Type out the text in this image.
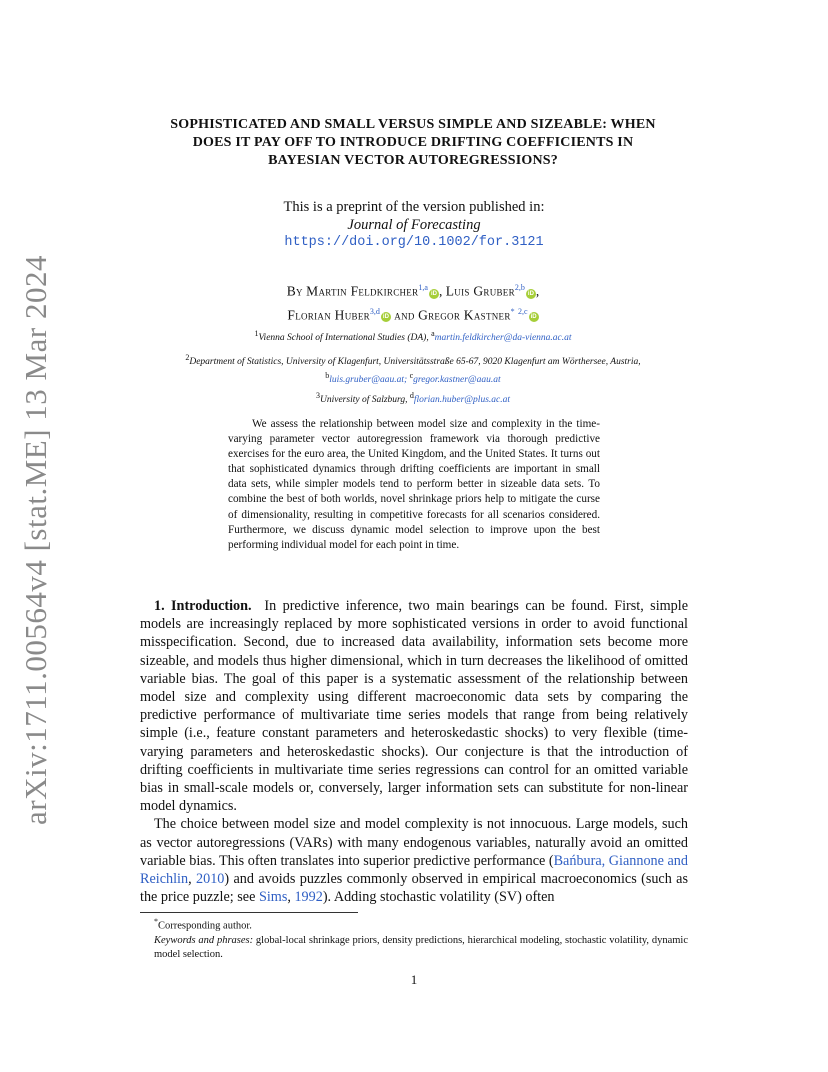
arXiv:1711.00564v4 [stat.ME] 13 Mar 2024
SOPHISTICATED AND SMALL VERSUS SIMPLE AND SIZEABLE: WHEN
DOES IT PAY OFF TO INTRODUCE DRIFTING COEFFICIENTS IN
BAYESIAN VECTOR AUTOREGRESSIONS?
This is a preprint of the version published in:
Journal of Forecasting
https://doi.org/10.1002/for.3121
By Martin Feldkircher$^{1,a}$iD , Luis Gruber$^{2,b}$iD ,
Florian Huber$^{3,d}$iD and Gregor Kastner* $^{2,c}$iD
$^1$Vienna School of International Studies (DA), $^a$martin.feldkircher@da-vienna.ac.at
$^2$Department of Statistics, University of Klagenfurt, Universitätsstraße 65-67, 9020 Klagenfurt am Wörthersee, Austria,
$^b$luis.gruber@aau.at; $^c$gregor.kastner@aau.at
$^3$University of Salzburg, $^d$florian.huber@plus.ac.at
We assess the relationship between model size and complexity in the time-varying parameter vector autoregression framework via thorough predictive exercises for the euro area, the United Kingdom, and the United States. It turns out that sophisticated dynamics through drifting coefficients are important in small data sets, while simpler models tend to perform better in sizeable data sets. To combine the best of both worlds, novel shrinkage priors help to mitigate the curse of dimensionality, resulting in competitive forecasts for all scenarios considered. Furthermore, we discuss dynamic model selection to improve upon the best performing individual model for each point in time.

1. Introduction. In predictive inference, two main bearings can be found. First, simple models are increasingly replaced by more sophisticated versions in order to avoid functional misspecification. Second, due to increased data availability, information sets become more sizeable, and models thus higher dimensional, which in turn decreases the likelihood of omitted variable bias. The goal of this paper is a systematic assessment of the relationship between model size and complexity using different macroeconomic data sets by comparing the predictive performance of multivariate time series models that range from being relatively simple (i.e., feature constant parameters and heteroskedastic shocks) to very flexible (time-varying parameters and heteroskedastic shocks). Our conjecture is that the introduction of drifting coefficients in multivariate time series regressions can control for an omitted variable bias in small-scale models or, conversely, larger information sets can substitute for non-linear model dynamics.

The choice between model size and model complexity is not innocuous. Large models, such as vector autoregressions (VARs) with many endogenous variables, naturally avoid an omitted variable bias. This often translates into superior predictive performance (Bańbura, Giannone and Reichlin, 2010) and avoids puzzles commonly observed in empirical macroeconomics (such as the price puzzle; see Sims, 1992). Adding stochastic volatility (SV) often

*Corresponding author.
Keywords and phrases: global-local shrinkage priors, density predictions, hierarchical modeling, stochastic volatility, dynamic model selection.
1
